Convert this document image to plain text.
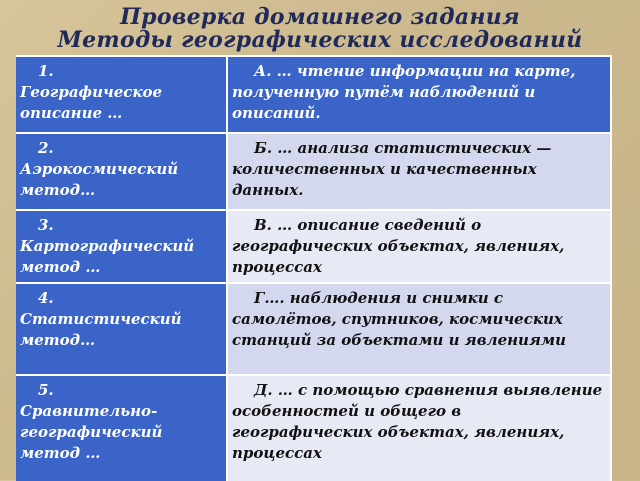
Проверка домашнего задания
Методы географических исследований
1.
Географическое описание …	А. … чтение информации на карте, полученную путём наблюдений и описаний.

2.
Аэрокосмический метод…	Б. … анализа статистических — количественных и качественных данных.

3.
Картографический метод …	В. … описание сведений о географических объектах, явлениях, процессах

4.
Статистический метод…	Г…. наблюдения и снимки с самолётов, спутников, космических станций за объектами и явлениями

5.
Сравнительно-географический метод …	Д. … с помощью сравнения выявление особенностей и общего в географических объектах, явлениях, процессах
